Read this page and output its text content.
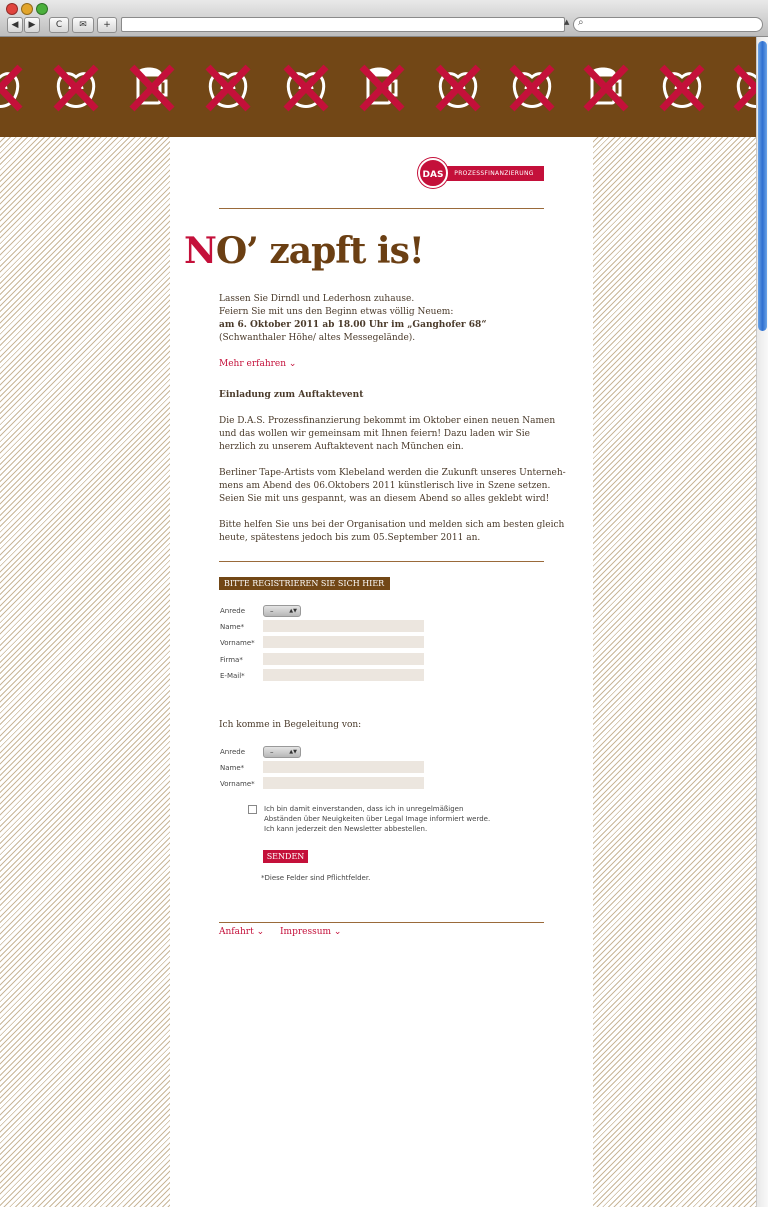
◀	▶	C	✉	+	▲ ⌕
PROZESSFINANZIERUNG
DAS
NO’ zapft is!
Lassen Sie Dirndl und Lederhosn zuhause.
Feiern Sie mit uns den Beginn etwas völlig Neuem:
am 6. Oktober 2011 ab 18.00 Uhr im „Ganghofer 68“
(Schwanthaler Höhe/ altes Messegelände).
Mehr erfahren ⌄
Einladung zum Auftaktevent
Die D.A.S. Prozessfinanzierung bekommt im Oktober einen neuen Namen
und das wollen wir gemeinsam mit Ihnen feiern! Dazu laden wir Sie
herzlich zu unserem Auftaktevent nach München ein.
Berliner Tape-Artists vom Klebeland werden die Zukunft unseres Unterneh-
mens am Abend des 06.Oktobers 2011 künstlerisch live in Szene setzen.
Seien Sie mit uns gespannt, was an diesem Abend so alles geklebt wird!
Bitte helfen Sie uns bei der Organisation und melden sich am besten gleich
heute, spätestens jedoch bis zum 05.September 2011 an.
BITTE REGISTRIEREN SIE SICH HIER
Anrede	–	▲▼
Name*
Vorname*
Firma*
E-Mail*
Ich komme in Begeleitung von:
Anrede	–	▲▼
Name*
Vorname*
Ich bin damit einverstanden, dass ich in unregelmäßigen
Abständen über Neuigkeiten über Legal Image informiert werde.
Ich kann jederzeit den Newsletter abbestellen.
SENDEN
*Diese Felder sind Pflichtfelder.
Anfahrt ⌄ Impressum ⌄
